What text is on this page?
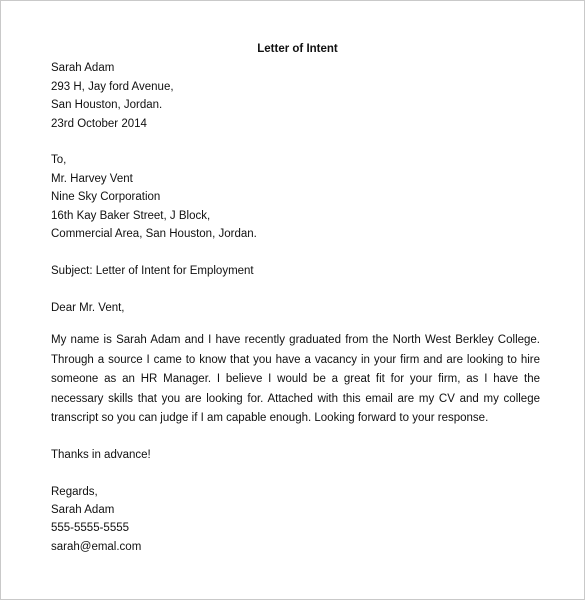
Letter of Intent
Sarah Adam
293 H, Jay ford Avenue,
San Houston, Jordan.
23rd October 2014
To,
Mr. Harvey Vent
Nine Sky Corporation
16th Kay Baker Street, J Block,
Commercial Area, San Houston, Jordan.
Subject: Letter of Intent for Employment
Dear Mr. Vent,
My name is Sarah Adam and I have recently graduated from the North West Berkley College. Through a source I came to know that you have a vacancy in your firm and are looking to hire someone as an HR Manager. I believe I would be a great fit for your firm, as I have the necessary skills that you are looking for. Attached with this email are my CV and my college transcript so you can judge if I am capable enough. Looking forward to your response.
Thanks in advance!
Regards,
Sarah Adam
555-5555-5555
sarah@emal.com
